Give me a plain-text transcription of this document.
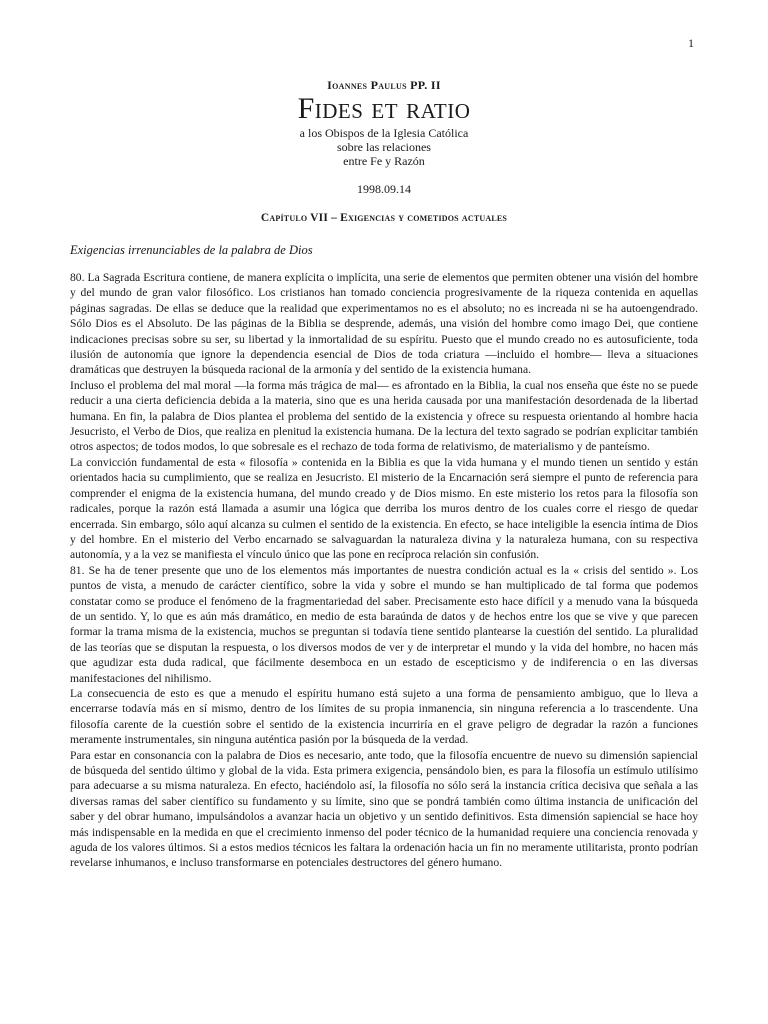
1
Ioannes Paulus PP. II
Fides et ratio
a los Obispos de la Iglesia Católica
sobre las relaciones
entre Fe y Razón
1998.09.14
Capítulo VII – Exigencias y cometidos actuales
Exigencias irrenunciables de la palabra de Dios

80. La Sagrada Escritura contiene, de manera explícita o implícita, una serie de elementos que permiten obtener una visión del hombre y del mundo de gran valor filosófico. Los cristianos han tomado conciencia progresivamente de la riqueza contenida en aquellas páginas sagradas. De ellas se deduce que la realidad que experimentamos no es el absoluto; no es increada ni se ha autoengendrado. Sólo Dios es el Absoluto. De las páginas de la Biblia se desprende, además, una visión del hombre como imago Dei, que contiene indicaciones precisas sobre su ser, su libertad y la inmortalidad de su espíritu. Puesto que el mundo creado no es autosuficiente, toda ilusión de autonomía que ignore la dependencia esencial de Dios de toda criatura —incluido el hombre— lleva a situaciones dramáticas que destruyen la búsqueda racional de la armonía y del sentido de la existencia humana.

Incluso el problema del mal moral —la forma más trágica de mal— es afrontado en la Biblia, la cual nos enseña que éste no se puede reducir a una cierta deficiencia debida a la materia, sino que es una herida causada por una manifestación desordenada de la libertad humana. En fin, la palabra de Dios plantea el problema del sentido de la existencia y ofrece su respuesta orientando al hombre hacia Jesucristo, el Verbo de Dios, que realiza en plenitud la existencia humana. De la lectura del texto sagrado se podrían explicitar también otros aspectos; de todos modos, lo que sobresale es el rechazo de toda forma de relativismo, de materialismo y de panteísmo.

La convicción fundamental de esta « filosofía » contenida en la Biblia es que la vida humana y el mundo tienen un sentido y están orientados hacia su cumplimiento, que se realiza en Jesucristo. El misterio de la Encarnación será siempre el punto de referencia para comprender el enigma de la existencia humana, del mundo creado y de Dios mismo. En este misterio los retos para la filosofía son radicales, porque la razón está llamada a asumir una lógica que derriba los muros dentro de los cuales corre el riesgo de quedar encerrada. Sin embargo, sólo aquí alcanza su culmen el sentido de la existencia. En efecto, se hace inteligible la esencia íntima de Dios y del hombre. En el misterio del Verbo encarnado se salvaguardan la naturaleza divina y la naturaleza humana, con su respectiva autonomía, y a la vez se manifiesta el vínculo único que las pone en recíproca relación sin confusión.

81. Se ha de tener presente que uno de los elementos más importantes de nuestra condición actual es la « crisis del sentido ». Los puntos de vista, a menudo de carácter científico, sobre la vida y sobre el mundo se han multiplicado de tal forma que podemos constatar como se produce el fenómeno de la fragmentariedad del saber. Precisamente esto hace difícil y a menudo vana la búsqueda de un sentido. Y, lo que es aún más dramático, en medio de esta baraúnda de datos y de hechos entre los que se vive y que parecen formar la trama misma de la existencia, muchos se preguntan si todavía tiene sentido plantearse la cuestión del sentido. La pluralidad de las teorías que se disputan la respuesta, o los diversos modos de ver y de interpretar el mundo y la vida del hombre, no hacen más que agudizar esta duda radical, que fácilmente desemboca en un estado de escepticismo y de indiferencia o en las diversas manifestaciones del nihilismo.

La consecuencia de esto es que a menudo el espíritu humano está sujeto a una forma de pensamiento ambiguo, que lo lleva a encerrarse todavía más en sí mismo, dentro de los límites de su propia inmanencia, sin ninguna referencia a lo trascendente. Una filosofía carente de la cuestión sobre el sentido de la existencia incurriría en el grave peligro de degradar la razón a funciones meramente instrumentales, sin ninguna auténtica pasión por la búsqueda de la verdad.

Para estar en consonancia con la palabra de Dios es necesario, ante todo, que la filosofía encuentre de nuevo su dimensión sapiencial de búsqueda del sentido último y global de la vida. Esta primera exigencia, pensándolo bien, es para la filosofía un estímulo utilísimo para adecuarse a su misma naturaleza. En efecto, haciéndolo así, la filosofía no sólo será la instancia crítica decisiva que señala a las diversas ramas del saber científico su fundamento y su límite, sino que se pondrá también como última instancia de unificación del saber y del obrar humano, impulsándolos a avanzar hacia un objetivo y un sentido definitivos. Esta dimensión sapiencial se hace hoy más indispensable en la medida en que el crecimiento inmenso del poder técnico de la humanidad requiere una conciencia renovada y aguda de los valores últimos. Si a estos medios técnicos les faltara la ordenación hacia un fin no meramente utilitarista, pronto podrían revelarse inhumanos, e incluso transformarse en potenciales destructores del género humano.
